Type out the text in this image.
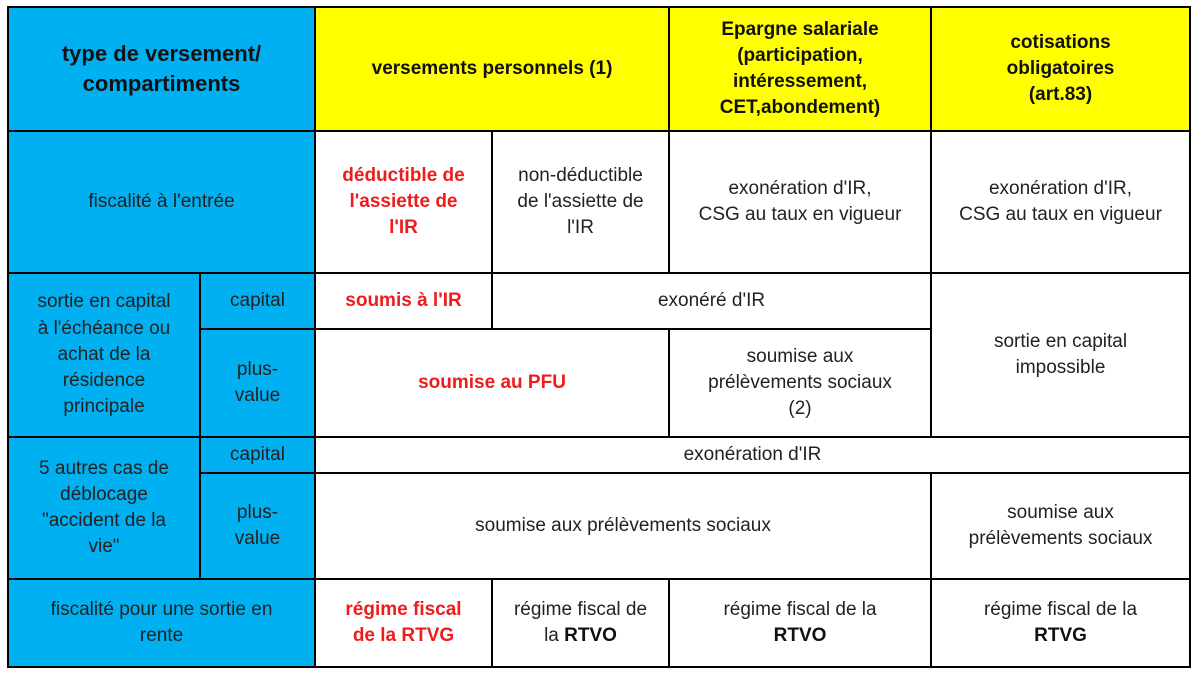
type de versement/
compartiments		versements personnels (1)		Epargne salariale
(participation,
intéressement,
CET,abondement)	cotisations
obligatoires
(art.83)
fiscalité à l'entrée		déductible de
l'assiette de
l'IR	non-déductible
de l'assiette de
l'IR	exonération d'IR,
CSG au taux en vigueur	exonération d'IR,
CSG au taux en vigueur
sortie en capital
à l'échéance ou
achat de la
résidence
principale	capital	soumis à l'IR	exonéré d'IR		sortie en capital
impossible
	plus-
value	soumise au PFU		soumise aux
prélèvements sociaux
(2)	
5 autres cas de
déblocage
"accident de la
vie"	capital	exonération d'IR			
	plus-
value	soumise aux prélèvements sociaux			soumise aux
prélèvements sociaux
fiscalité pour une sortie en
rente		régime fiscal
de la RTVG	régime fiscal de
la RTVO	régime fiscal de la
RTVO	régime fiscal de la
RTVG
